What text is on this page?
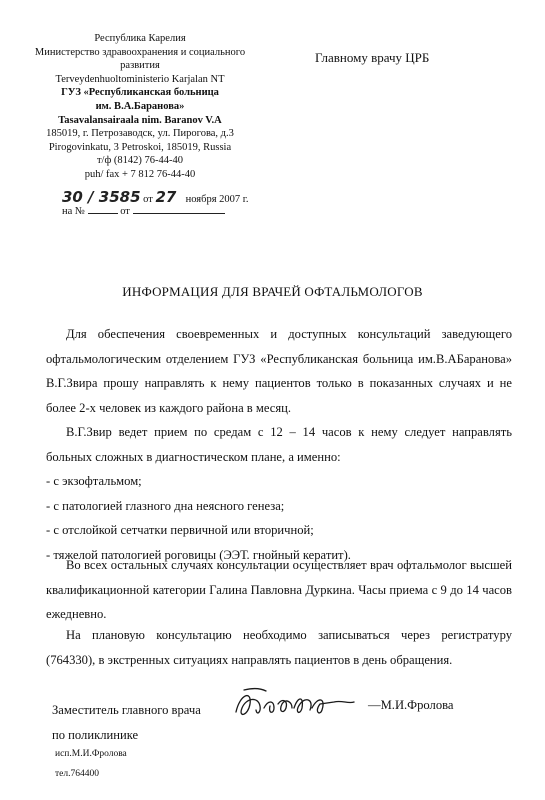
Республика Карелия
Министерство здравоохранения и социального
развития
Terveydenhuoltoministerio Karjalan NT
ГУЗ «Республиканская больница
им. В.А.Баранова»
Tasavalansairaala nim. Baranov V.A
185019, г. Петрозаводск, ул. Пирогова, д.3
Pirogovinkatu, 3 Petroskoi, 185019, Russia
т/ф (8142) 76-44-40
puh/ fax + 7 812 76-44-40
Главному врачу ЦРБ
30 / 3585 от 27 ноября 2007 г.
на №	от
ИНФОРМАЦИЯ ДЛЯ ВРАЧЕЙ ОФТАЛЬМОЛОГОВ

Для обеспечения своевременных и доступных консультаций заведующего офтальмологическим отделением ГУЗ «Республиканская больница им.В.АБаранова» В.Г.Звира прошу направлять к нему пациентов только в показанных случаях и не более 2-х человек из каждого района в месяц.

В.Г.Звир ведет прием по средам с 12 – 14 часов к нему следует направлять больных сложных в диагностическом плане, а именно:

- с экзофтальмом;
- с патологией глазного дна неясного генеза;
- с отслойкой сетчатки первичной или вторичной;
- тяжелой патологией роговицы (ЭЭТ. гнойный кератит).

Во всех остальных случаях консультации осуществляет врач офтальмолог высшей квалификационной категории Галина Павловна Дуркина. Часы приема с 9 до 14 часов ежедневно.

На плановую консультацию необходимо записываться через регистратуру (764330), в экстренных ситуациях направлять пациентов в день обращения.

Заместитель главного врача
по поликлинике
—М.И.Фролова
исп.М.И.Фролова
тел.764400
